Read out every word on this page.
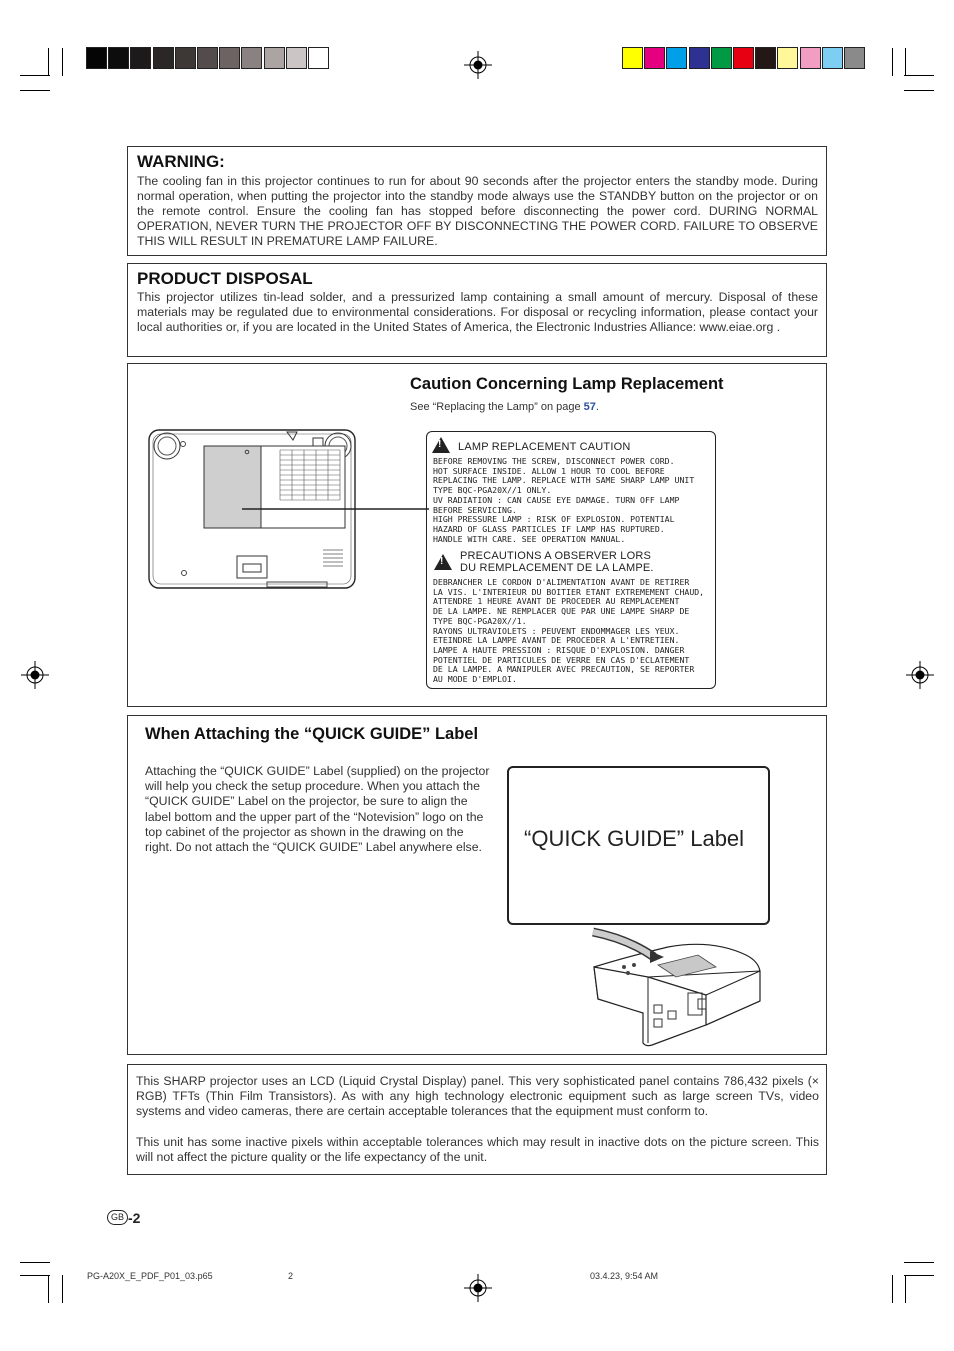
WARNING:
The cooling fan in this projector continues to run for about 90 seconds after the projector enters the standby mode. During normal operation, when putting the projector into the standby mode always use the STANDBY button on the projector or on the remote control. Ensure the cooling fan has stopped before disconnecting the power cord. DURING NORMAL OPERATION, NEVER TURN THE PROJECTOR OFF BY DISCONNECTING THE POWER CORD. FAILURE TO OBSERVE THIS WILL RESULT IN PREMATURE LAMP FAILURE.
PRODUCT DISPOSAL
This projector utilizes tin-lead solder, and a pressurized lamp containing a small amount of mercury. Disposal of these materials may be regulated due to environmental considerations. For disposal or recycling information, please contact your local authorities or, if you are located in the United States of America, the Electronic Industries Alliance: www.eiae.org .
Caution Concerning Lamp Replacement
See “Replacing the Lamp” on page 57.
!
LAMP REPLACEMENT CAUTION
BEFORE REMOVING THE SCREW, DISCONNECT POWER CORD.
HOT SURFACE INSIDE. ALLOW 1 HOUR TO COOL BEFORE
REPLACING THE LAMP. REPLACE WITH SAME SHARP LAMP UNIT
TYPE BQC-PGA20X//1 ONLY.
UV RADIATION : CAN CAUSE EYE DAMAGE. TURN OFF LAMP
BEFORE SERVICING.
HIGH PRESSURE LAMP : RISK OF EXPLOSION. POTENTIAL
HAZARD OF GLASS PARTICLES IF LAMP HAS RUPTURED.
HANDLE WITH CARE. SEE OPERATION MANUAL.
!
PRECAUTIONS A OBSERVER LORS
DU REMPLACEMENT DE LA LAMPE.
DEBRANCHER LE CORDON D'ALIMENTATION AVANT DE RETIRER
LA VIS. L'INTERIEUR DU BOITIER ETANT EXTREMEMENT CHAUD,
ATTENDRE 1 HEURE AVANT DE PROCEDER AU REMPLACEMENT
DE LA LAMPE. NE REMPLACER QUE PAR UNE LAMPE SHARP DE
TYPE BQC-PGA20X//1.
RAYONS ULTRAVIOLETS : PEUVENT ENDOMMAGER LES YEUX.
ETEINDRE LA LAMPE AVANT DE PROCEDER A L'ENTRETIEN.
LAMPE A HAUTE PRESSION : RISQUE D'EXPLOSION. DANGER
POTENTIEL DE PARTICULES DE VERRE EN CAS D'ECLATEMENT
DE LA LAMPE. A MANIPULER AVEC PRECAUTION, SE REPORTER
AU MODE D'EMPLOI.
When Attaching the “QUICK GUIDE” Label
Attaching the “QUICK GUIDE” Label (supplied) on the projector will help you check the setup procedure. When you attach the “QUICK GUIDE” Label on the projector, be sure to align the label bottom and the upper part of the “Notevision” logo on the top cabinet of the projector as shown in the drawing on the right. Do not attach the “QUICK GUIDE” Label anywhere else.	“QUICK GUIDE” Label
This SHARP projector uses an LCD (Liquid Crystal Display) panel. This very sophisticated panel contains 786,432 pixels (× RGB) TFTs (Thin Film Transistors). As with any high technology electronic equipment such as large screen TVs, video systems and video cameras, there are certain acceptable tolerances that the equipment must conform to.
This unit has some inactive pixels within acceptable tolerances which may result in inactive dots on the picture screen. This will not affect the picture quality or the life expectancy of the unit.
GB -2
PG-A20X_E_PDF_P01_03.p65	2	03.4.23, 9:54 AM
